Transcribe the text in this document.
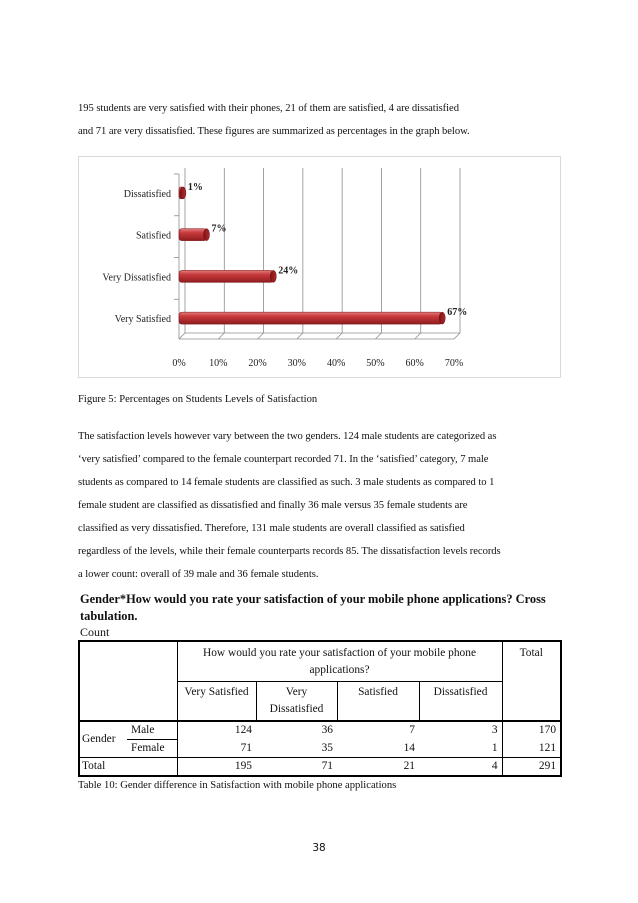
195 students are very satisfied with their phones, 21 of them are satisfied, 4 are dissatisfied

and 71 are very dissatisfied. These figures are summarized as percentages in the graph below.

0% 10% 20% 30% 40% 50% 60% 70%
Dissatisfied
1%
Satisfied
7%
Very Dissatisfied
24%
Very Satisfied
67%
Figure 5: Percentages on Students Levels of Satisfaction

The satisfaction levels however vary between the two genders. 124 male students are categorized as

‘very satisfied’ compared to the female counterpart recorded 71. In the ‘satisfied’ category, 7 male

students as compared to 14 female students are classified as such. 3 male students as compared to 1

female student are classified as dissatisfied and finally 36 male versus 35 female students are

classified as very dissatisfied. Therefore, 131 male students are overall classified as satisfied

regardless of the levels, while their female counterparts records 85. The dissatisfaction levels records

a lower count: overall of 39 male and 36 female students.

Gender*How would you rate your satisfaction of your mobile phone applications? Cross tabulation.
Count
		How would you rate your satisfaction of your mobile phone applications?				Total
		Very Satisfied	Very Dissatisfied	Satisfied	Dissatisfied	
Gender	Male	124	36	7	3	170
	Female	71	35	14	1	121
Total		195	71	21	4	291
Table 10: Gender difference in Satisfaction with mobile phone applications
38
